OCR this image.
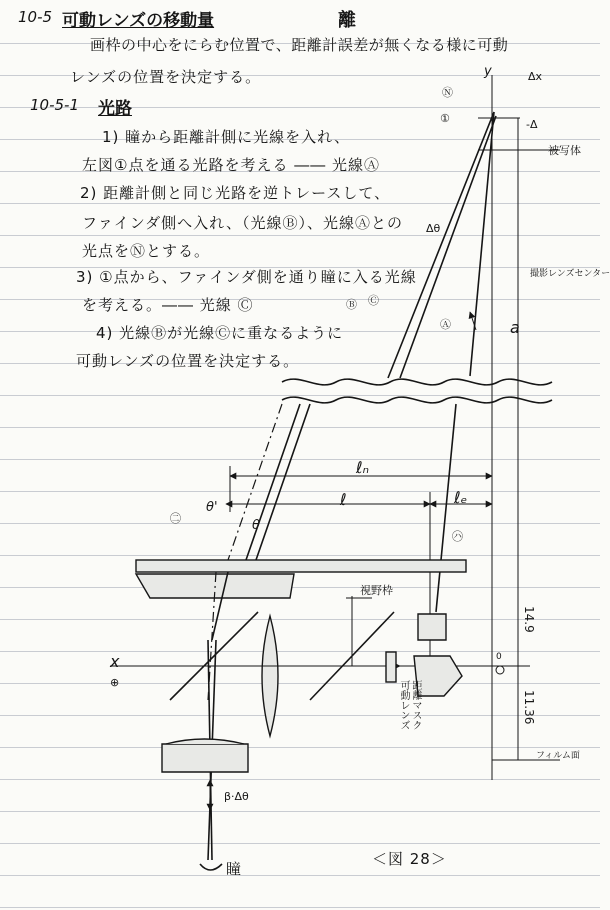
10-5 可動レンズの移動量	離
画枠の中心をにらむ位置で、距離計誤差が無くなる様に可動
レンズの位置を決定する。
10-5-1 光路
1) 瞳から距離計側に光線を入れ、
左図①点を通る光路を考える ―― 光線Ⓐ
2) 距離計側と同じ光路を逆トレースして、
ファインダ側へ入れ、（光線Ⓑ）、光線Ⓐとの
光点をⓃとする。
3) ①点から、ファインダ側を通り瞳に入る光線
を考える。―― 光線 Ⓒ
4) 光線Ⓑが光線Ⓒに重なるように
可動レンズの位置を決定する。
Ⓝ
y	Δx
①	-Δ
被写体
Δθ
撮影レンズセンター
Ⓑ Ⓒ
Ⓐ	a
ℓₙ
ℓ	ℓₑ
θ'
θ
㊁
㋩
視野枠
14.9
11.36
x
⊕
0
可動レンズ 距離マスク
フィルム面
β·Δθ
瞳
＜図 28＞
